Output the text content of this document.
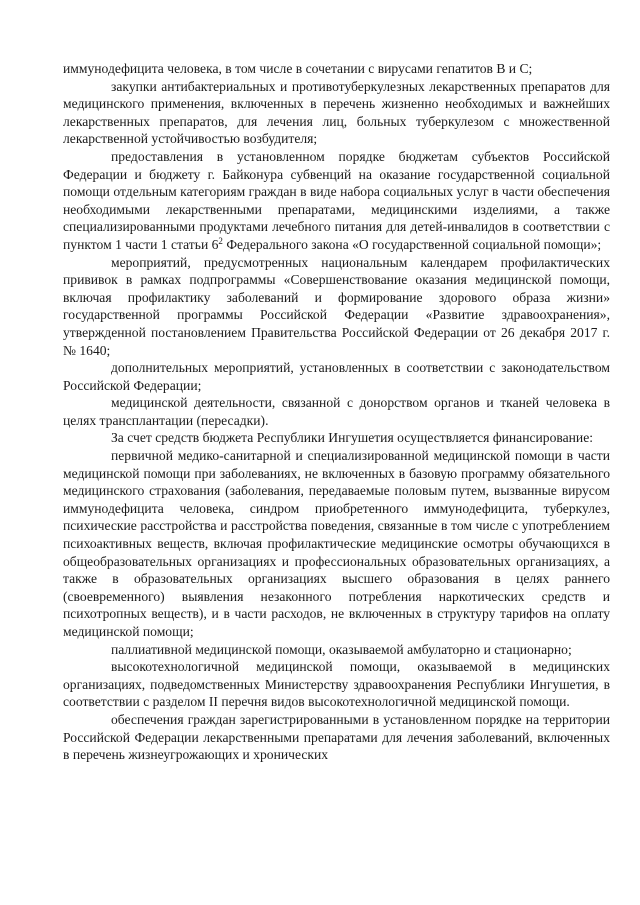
иммунодефицита человека, в том числе в сочетании с вирусами гепатитов B и C;

закупки антибактериальных и противотуберкулезных лекарственных препаратов для медицинского применения, включенных в перечень жизненно необходимых и важнейших лекарственных препаратов, для лечения лиц, больных туберкулезом с множественной лекарственной устойчивостью возбудителя;

предоставления в установленном порядке бюджетам субъектов Российской Федерации и бюджету г. Байконура субвенций на оказание государственной социальной помощи отдельным категориям граждан в виде набора социальных услуг в части обеспечения необходимыми лекарственными препаратами, медицинскими изделиями, а также специализированными продуктами лечебного питания для детей-инвалидов в соответствии с пунктом 1 части 1 статьи $6^2$ Федерального закона «О государственной социальной помощи»;

мероприятий, предусмотренных национальным календарем профилактических прививок в рамках подпрограммы «Совершенствование оказания медицинской помощи, включая профилактику заболеваний и формирование здорового образа жизни» государственной программы Российской Федерации «Развитие здравоохранения», утвержденной постановлением Правительства Российской Федерации от 26 декабря 2017 г. № 1640;

дополнительных мероприятий, установленных в соответствии с законодательством Российской Федерации;

медицинской деятельности, связанной с донорством органов и тканей человека в целях трансплантации (пересадки).

За счет средств бюджета Республики Ингушетия осуществляется финансирование:

первичной медико-санитарной и специализированной медицинской помощи в части медицинской помощи при заболеваниях, не включенных в базовую программу обязательного медицинского страхования (заболевания, передаваемые половым путем, вызванные вирусом иммунодефицита человека, синдром приобретенного иммунодефицита, туберкулез, психические расстройства и расстройства поведения, связанные в том числе с употреблением психоактивных веществ, включая профилактические медицинские осмотры обучающихся в общеобразовательных организациях и профессиональных образовательных организациях, а также в образовательных организациях высшего образования в целях раннего (своевременного) выявления незаконного потребления наркотических средств и психотропных веществ), и в части расходов, не включенных в структуру тарифов на оплату медицинской помощи;

паллиативной медицинской помощи, оказываемой амбулаторно и стационарно;

высокотехнологичной медицинской помощи, оказываемой в медицинских организациях, подведомственных Министерству здравоохранения Республики Ингушетия, в соответствии с разделом II перечня видов высокотехнологичной медицинской помощи.

обеспечения граждан зарегистрированными в установленном порядке на территории Российской Федерации лекарственными препаратами для лечения заболеваний, включенных в перечень жизнеугрожающих и хронических
